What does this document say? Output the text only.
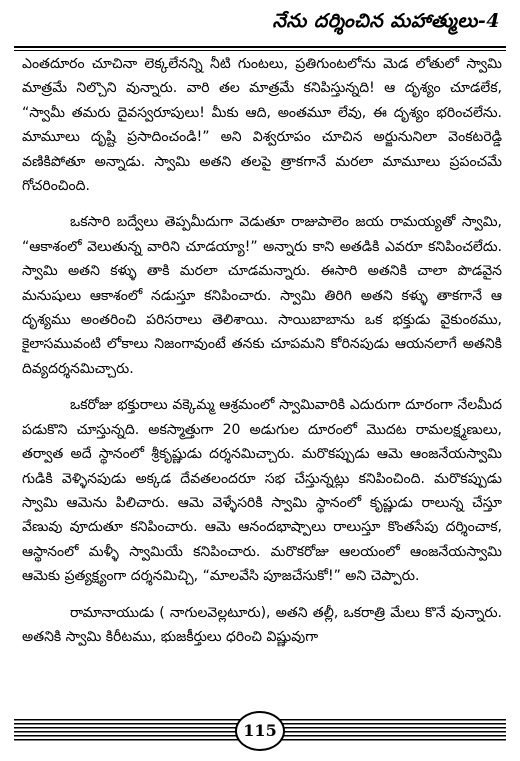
నేను దర్శించిన మహాత్ములు-4

ఎంతదూరం చూచినా లెక్కలేనన్ని నీటి గుంటలు, ప్రతిగుంటలోను మెడ లోతులో స్వామి మాత్రమే నిల్చొని వున్నారు. వారి తల మాత్రమే కనిపిస్తున్నది! ఆ దృశ్యం చూడలేక, “స్వామీ తమరు దైవస్వరూపులు! మీకు ఆది, అంతమూ లేవు, ఈ దృశ్యం భరించలేను. మామూలు దృష్టి ప్రసాదించండి!” అని విశ్వరూపం చూచిన అర్జునునిలా వెంకటరెడ్డి వణికిపోతూ అన్నాడు. స్వామి అతని తలపై త్రాకగానే మరలా మామూలు ప్రపంచమే గోచరించింది.

ఒకసారి బద్వేలు తెప్పమీదుగా వెడుతూ రాజుపాలెం జయ రామయ్యతో స్వామి, “ఆకాశంలో వెలుతున్న వారిని చూడయ్యా!” అన్నారు కాని అతడికి ఎవరూ కనిపించలేదు. స్వామి అతని కళ్ళు తాకి మరలా చూడమన్నారు. ఈసారి అతనికి చాలా పొడవైన మనుషులు ఆకాశంలో నడుస్తూ కనిపించారు. స్వామి తిరిగి అతని కళ్ళు తాకగానే ఆ దృశ్యము అంతరించి పరిసరాలు తెలిశాయి. సాయిబాబాను ఒక భక్తుడు వైకుంఠము, కైలాసమువంటి లోకాలు నిజంగావుంటే తనకు చూపమని కోరినపుడు ఆయనలాగే అతనికి దివ్యదర్శనమిచ్చారు.

ఒకరోజు భక్తురాలు వక్కెమ్మ ఆశ్రమంలో స్వామివారికి ఎదురుగా దూరంగా నేలమీద పడుకొని చూస్తున్నది. అకస్మాత్తుగా 20 అడుగుల దూరంలో మొదట రామలక్ష్మణులు, తర్వాత అదే స్థానంలో శ్రీకృష్ణుడు దర్శనమిచ్చారు. మరొకప్పుడు ఆమె ఆంజనేయస్వామి గుడికి వెళ్ళినపుడు అక్కడ దేవతలందరూ సభ చేస్తున్నట్లు కనిపించింది. మరొకప్పుడు స్వామి ఆమెను పిలిచారు. ఆమె వెళ్ళేసరికి స్వామి స్థానంలో కృష్ణుడు రాలున్న చేస్తూ వేణువు వూదుతూ కనిపించారు. ఆమె ఆనందభాష్పాలు రాలుస్తూ కొంతసేపు దర్శించాక, ఆస్థానంలో మళ్ళీ స్వామియే కనిపించారు. మరొకరోజు ఆలయంలో ఆంజనేయస్వామి ఆమెకు ప్రత్యక్ష్యంగా దర్శనమిచ్చి, “మాలవేసి పూజచేసుకో!” అని చెప్పారు.

రామానాయుడు ( నాగులవెల్లటూరు), అతని తల్లీ, ఒకరాత్రి మేలు కొనే వున్నారు. అతనికి స్వామి కిరీటము, భుజకీర్తులు ధరించి విష్ణువుగా

115
